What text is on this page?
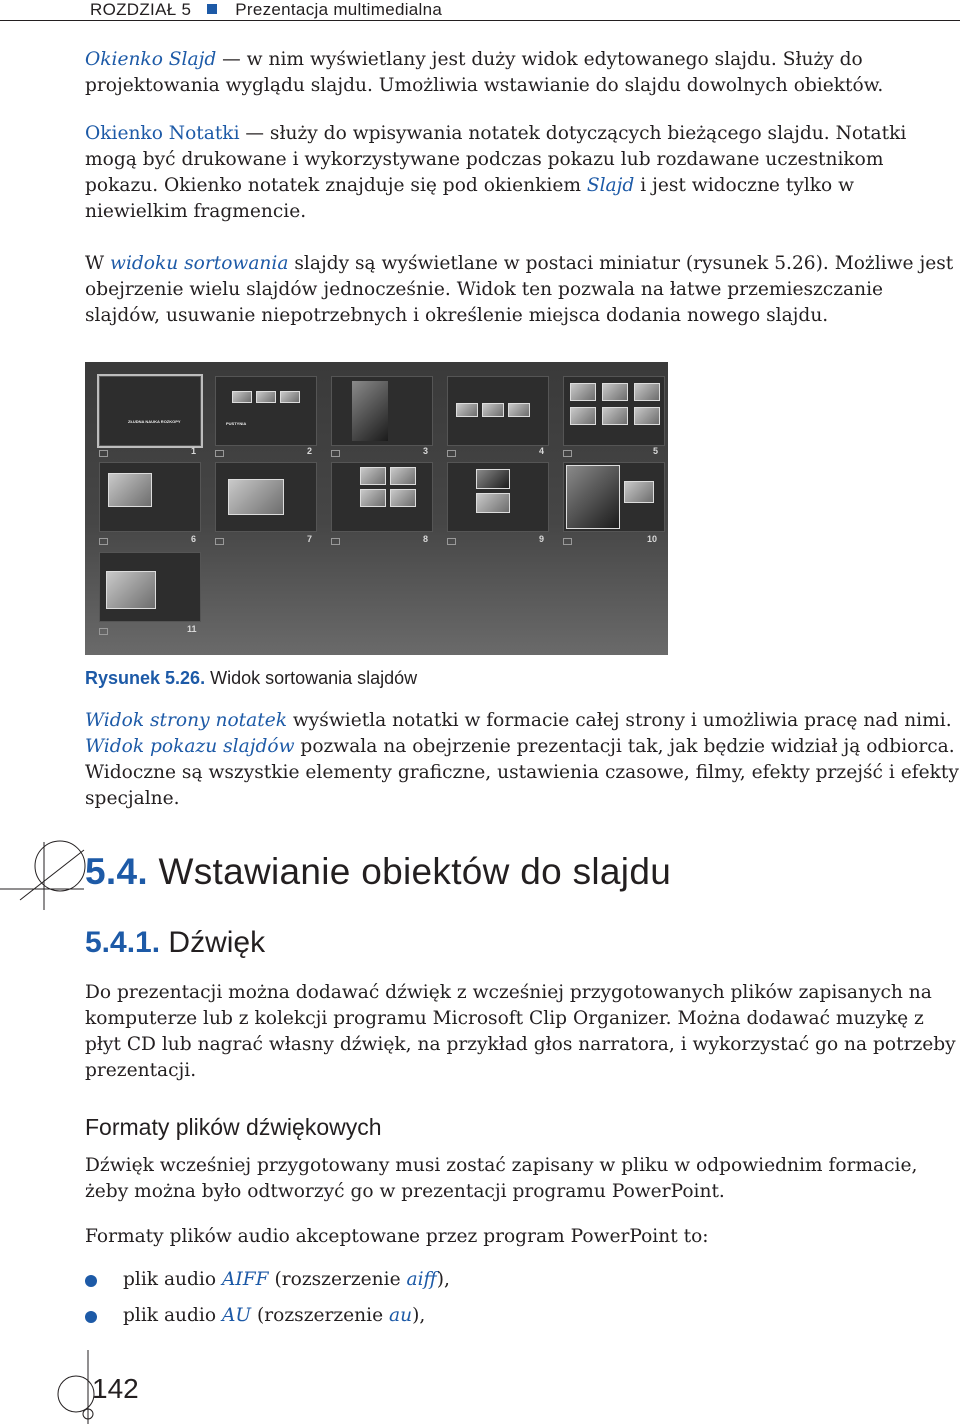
ROZDZIAŁ 5	Prezentacja multimedialna

Okienko Slajd — w nim wyświetlany jest duży widok edytowanego slajdu. Służy do projektowania wyglądu slajdu. Umożliwia wstawianie do slajdu dowolnych obiektów.

Okienko Notatki — służy do wpisywania notatek dotyczących bieżącego slajdu. Notatki mogą być drukowane i wykorzystywane podczas pokazu lub rozdawane uczestnikom pokazu. Okienko notatek znajduje się pod okienkiem Slajd i jest widoczne tylko w niewielkim fragmencie.

W widoku sortowania slajdy są wyświetlane w postaci miniatur (rysunek 5.26). Możliwe jest obejrzenie wielu slajdów jednocześnie. Widok ten pozwala na łatwe przemieszczanie slajdów, usuwanie niepotrzebnych i określenie miejsca dodania nowego slajdu.

ZŁUDNA NAUKA ROZKOPY
1
PUSTYNIA
2	3	4	5
6	7	8	9	10
11
Rysunek 5.26. Widok sortowania slajdów

Widok strony notatek wyświetla notatki w formacie całej strony i umożliwia pracę nad nimi. Widok pokazu slajdów pozwala na obejrzenie prezentacji tak, jak będzie widział ją odbiorca. Widoczne są wszystkie elementy graficzne, ustawienia czasowe, filmy, efekty przejść i efekty specjalne.

5.4. Wstawianie obiektów do slajdu
5.4.1. Dźwięk

Do prezentacji można dodawać dźwięk z wcześniej przygotowanych plików zapisanych na komputerze lub z kolekcji programu Microsoft Clip Organizer. Można dodawać muzykę z płyt CD lub nagrać własny dźwięk, na przykład głos narratora, i wykorzystać go na potrzeby prezentacji.

Formaty plików dźwiękowych

Dźwięk wcześniej przygotowany musi zostać zapisany w pliku w odpowiednim formacie, żeby można było odtworzyć go w prezentacji programu PowerPoint.

Formaty plików audio akceptowane przez program PowerPoint to:

plik audio AIFF (rozszerzenie aiff),
plik audio AU (rozszerzenie au),
142
